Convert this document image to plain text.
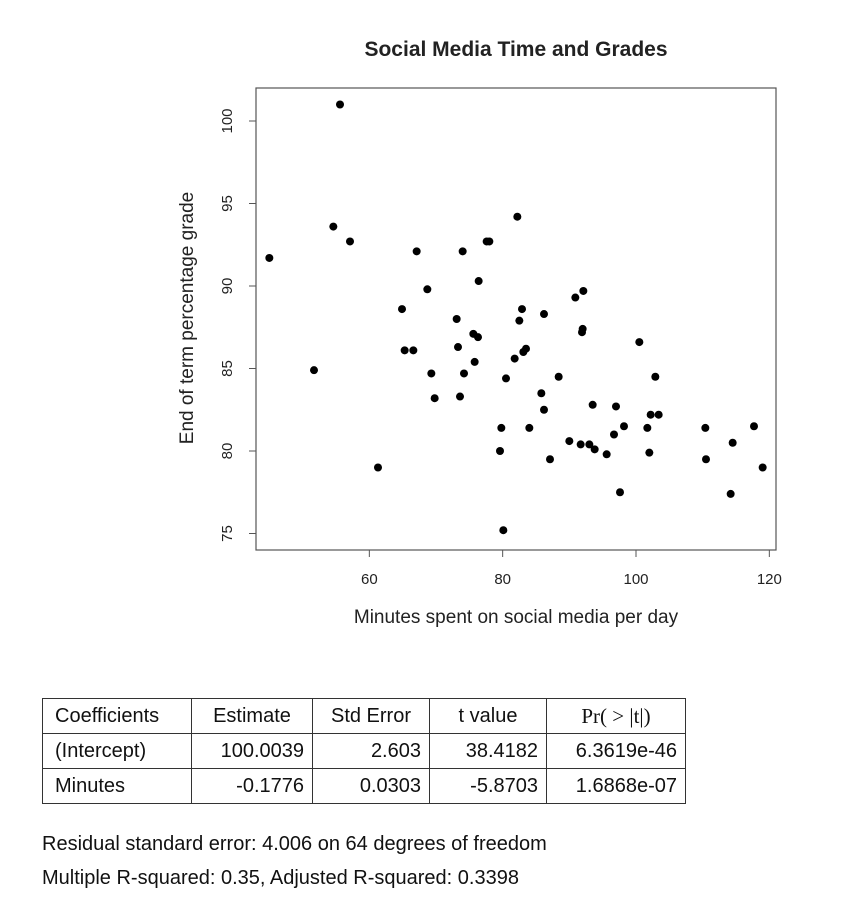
Social Media Time and Grades
60	80	100	120
75
80
85
90
95
100
Minutes spent on social media per day
End of term percentage grade
Coefficients	Estimate	Std Error	t value	Pr( > |t|)
(Intercept)	100.0039	2.603	38.4182	6.3619e-46
Minutes	-0.1776	0.0303	-5.8703	1.6868e-07
Residual standard error: 4.006 on 64 degrees of freedom
Multiple R-squared: 0.35, Adjusted R-squared: 0.3398
